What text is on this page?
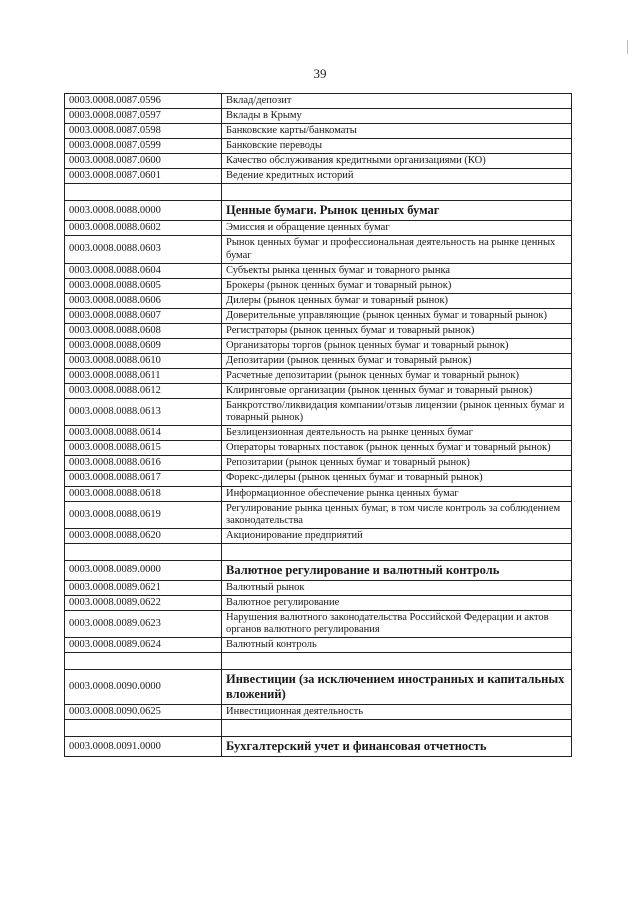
39
0003.0008.0087.0596	Вклад/депозит
0003.0008.0087.0597	Вклады в Крыму
0003.0008.0087.0598	Банковские карты/банкоматы
0003.0008.0087.0599	Банковские переводы
0003.0008.0087.0600	Качество обслуживания кредитными организациями (КО)
0003.0008.0087.0601	Ведение кредитных историй

0003.0008.0088.0000	Ценные бумаги. Рынок ценных бумаг
0003.0008.0088.0602	Эмиссия и обращение ценных бумаг
0003.0008.0088.0603	Рынок ценных бумаг и профессиональная деятельность на рынке ценных бумаг
0003.0008.0088.0604	Субъекты рынка ценных бумаг и товарного рынка
0003.0008.0088.0605	Брокеры (рынок ценных бумаг и товарный рынок)
0003.0008.0088.0606	Дилеры (рынок ценных бумаг и товарный рынок)
0003.0008.0088.0607	Доверительные управляющие (рынок ценных бумаг и товарный рынок)
0003.0008.0088.0608	Регистраторы (рынок ценных бумаг и товарный рынок)
0003.0008.0088.0609	Организаторы торгов (рынок ценных бумаг и товарный рынок)
0003.0008.0088.0610	Депозитарии (рынок ценных бумаг и товарный рынок)
0003.0008.0088.0611	Расчетные депозитарии (рынок ценных бумаг и товарный рынок)
0003.0008.0088.0612	Клиринговые организации (рынок ценных бумаг и товарный рынок)
0003.0008.0088.0613	Банкротство/ликвидация компании/отзыв лицензии (рынок ценных бумаг и товарный рынок)
0003.0008.0088.0614	Безлицензионная деятельность на рынке ценных бумаг
0003.0008.0088.0615	Операторы товарных поставок (рынок ценных бумаг и товарный рынок)
0003.0008.0088.0616	Репозитарии (рынок ценных бумаг и товарный рынок)
0003.0008.0088.0617	Форекс-дилеры (рынок ценных бумаг и товарный рынок)
0003.0008.0088.0618	Информационное обеспечение рынка ценных бумаг
0003.0008.0088.0619	Регулирование рынка ценных бумаг, в том числе контроль за соблюдением законодательства
0003.0008.0088.0620	Акционирование предприятий

0003.0008.0089.0000	Валютное регулирование и валютный контроль
0003.0008.0089.0621	Валютный рынок
0003.0008.0089.0622	Валютное регулирование
0003.0008.0089.0623	Нарушения валютного законодательства Российской Федерации и актов органов валютного регулирования
0003.0008.0089.0624	Валютный контроль

0003.0008.0090.0000	Инвестиции (за исключением иностранных и капитальных вложений)
0003.0008.0090.0625	Инвестиционная деятельность

0003.0008.0091.0000	Бухгалтерский учет и финансовая отчетность
